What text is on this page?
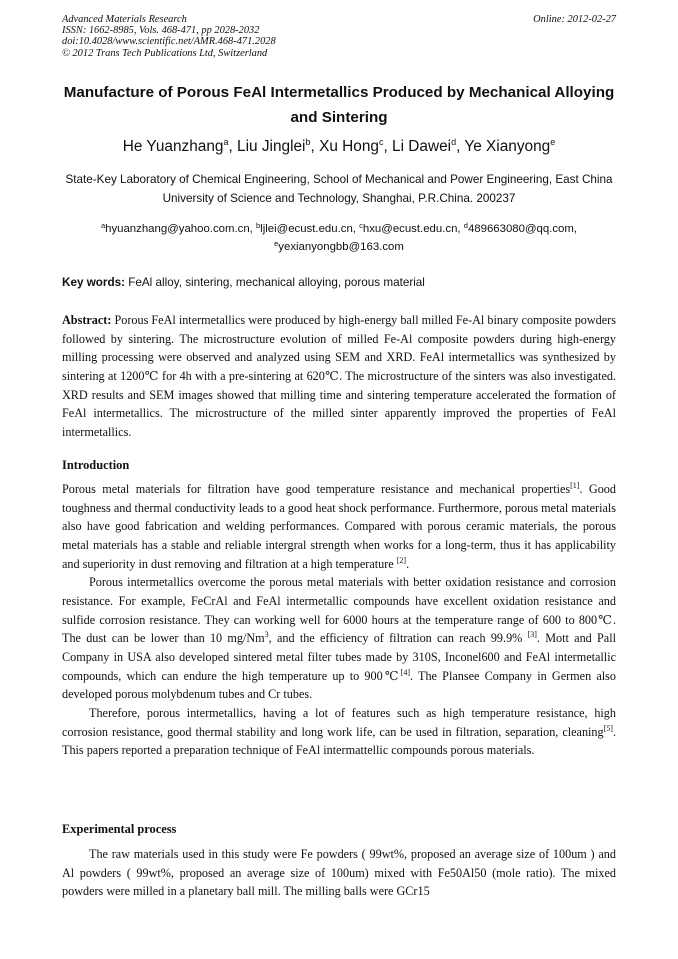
Advanced Materials Research
ISSN: 1662-8985, Vols. 468-471, pp 2028-2032
doi:10.4028/www.scientific.net/AMR.468-471.2028
© 2012 Trans Tech Publications Ltd, Switzerland
Online: 2012-02-27
Manufacture of Porous FeAl Intermetallics Produced by Mechanical Alloying and Sintering
He Yuanzhang$^a$, Liu Jinglei$^b$, Xu Hong$^c$, Li Dawei$^d$, Ye Xianyong$^e$
State-Key Laboratory of Chemical Engineering, School of Mechanical and Power Engineering, East China University of Science and Technology, Shanghai, P.R.China. 200237
$^a$hyuanzhang@yahoo.com.cn, $^b$ljlei@ecust.edu.cn, $^c$hxu@ecust.edu.cn, $^d$489663080@qq.com,
$^e$yexianyongbb@163.com
Key words: FeAl alloy, sintering, mechanical alloying, porous material

Abstract: Porous FeAl intermetallics were produced by high-energy ball milled Fe-Al binary composite powders followed by sintering. The microstructure evolution of milled Fe-Al composite powders during high-energy milling processing were observed and analyzed using SEM and XRD. FeAl intermetallics was synthesized by sintering at 1200℃ for 4h with a pre-sintering at 620℃. The microstructure of the sinters was also investigated. XRD results and SEM images showed that milling time and sintering temperature accelerated the formation of FeAl intermetallics. The microstructure of the milled sinter apparently improved the properties of FeAl intermetallics.

Introduction

Porous metal materials for filtration have good temperature resistance and mechanical properties[1]. Good toughness and thermal conductivity leads to a good heat shock performance. Furthermore, porous metal materials also have good fabrication and welding performances. Compared with porous ceramic materials, the porous metal materials has a stable and reliable intergral strength when works for a long-term, thus it has applicability and superiority in dust removing and filtration at a high temperature [2].

Porous intermetallics overcome the porous metal materials with better oxidation resistance and corrosion resistance. For example, FeCrAl and FeAl intermetallic compounds have excellent oxidation resistance and sulfide corrosion resistance. They can working well for 6000 hours at the temperature range of 600 to 800℃. The dust can be lower than 10 mg/Nm$^3$, and the efficiency of filtration can reach 99.9% [3]. Mott and Pall Company in USA also developed sintered metal filter tubes made by 310S, Inconel600 and FeAl intermetallic compounds, which can endure the high temperature up to 900℃[4]. The Plansee Company in Germen also developed porous molybdenum tubes and Cr tubes.

Therefore, porous intermetallics, having a lot of features such as high temperature resistance, high corrosion resistance, good thermal stability and long work life, can be used in filtration, separation, cleaning[5]. This papers reported a preparation technique of FeAl intermattellic compounds porous materials.

Experimental process

The raw materials used in this study were Fe powders ( 99wt%, proposed an average size of 100um ) and Al powders ( 99wt%, proposed an average size of 100um) mixed with Fe50Al50 (mole ratio). The mixed powders were milled in a planetary ball mill. The milling balls were GCr15
